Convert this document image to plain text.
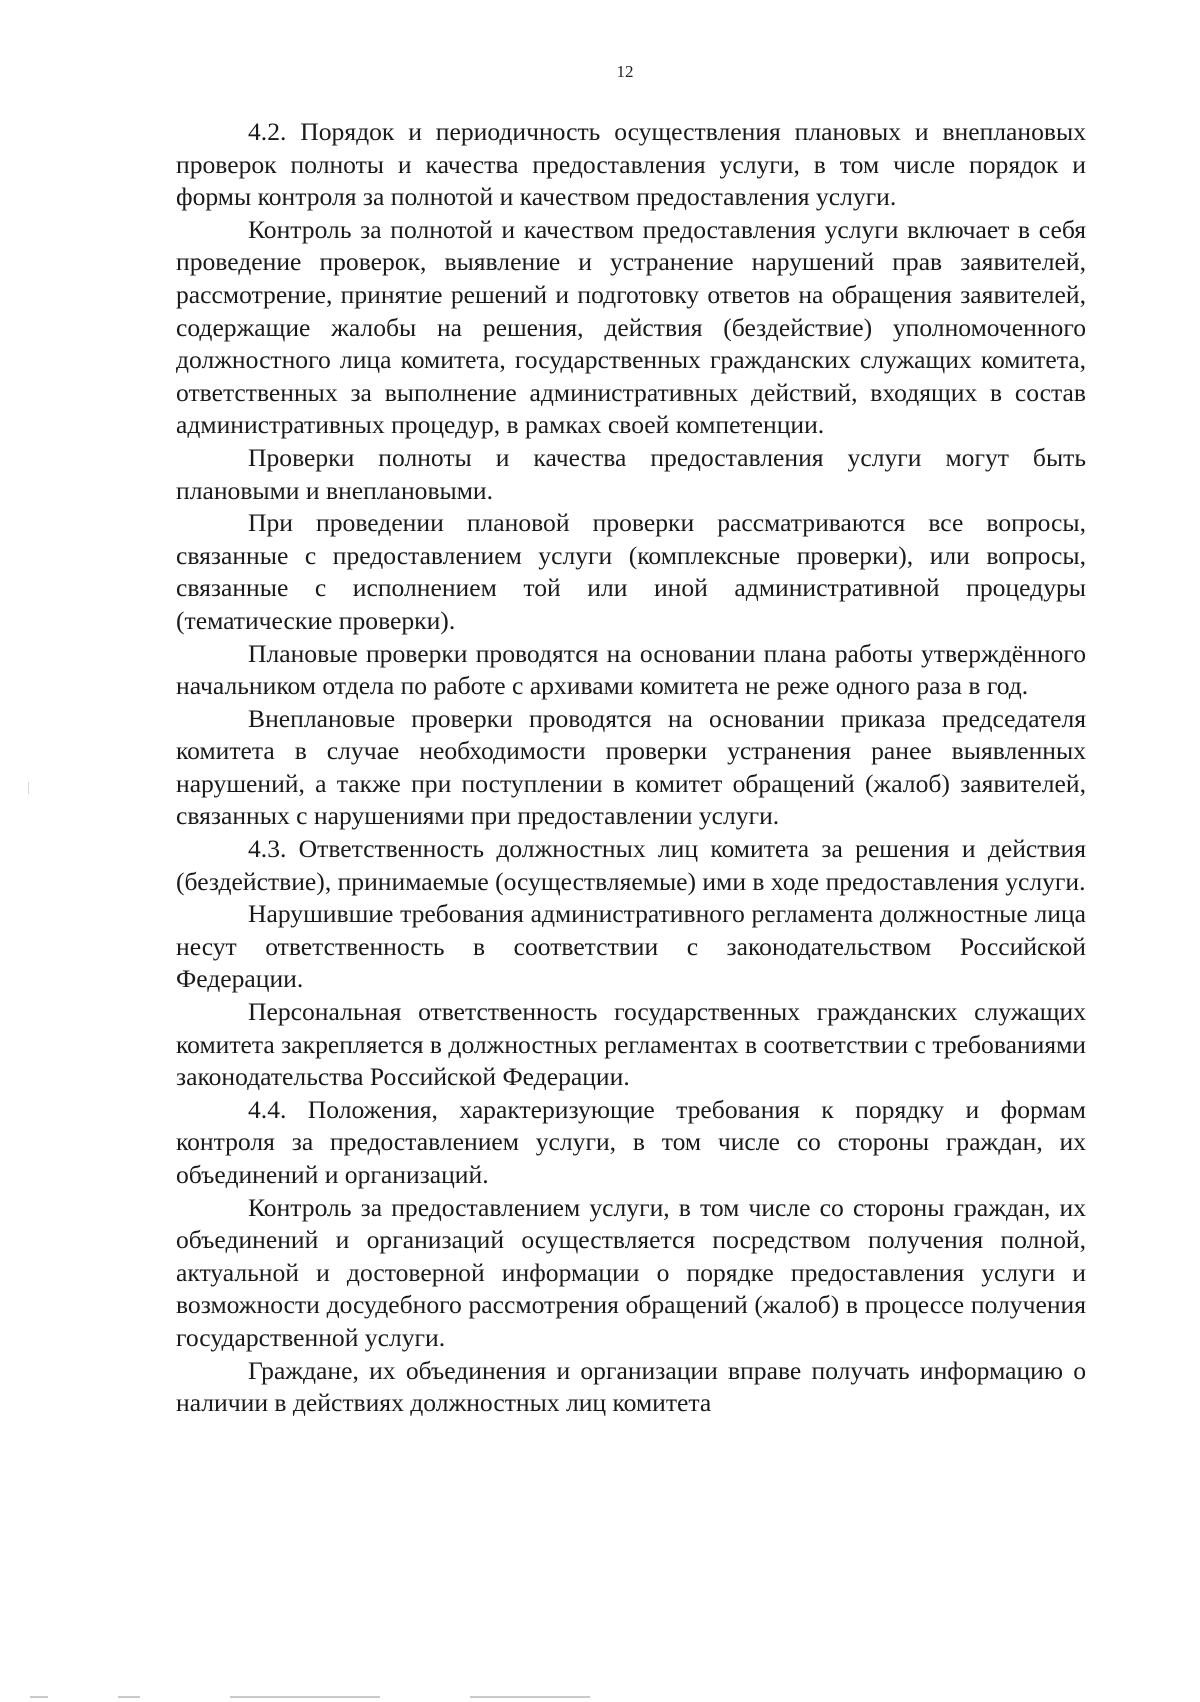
12

4.2. Порядок и периодичность осуществления плановых и внеплановых проверок полноты и качества предоставления услуги, в том числе порядок и формы контроля за полнотой и качеством предоставления услуги.

Контроль за полнотой и качеством предоставления услуги включает в себя проведение проверок, выявление и устранение нарушений прав заявителей, рассмотрение, принятие решений и подготовку ответов на обращения заявителей, содержащие жалобы на решения, действия (бездействие) уполномоченного должностного лица комитета, государственных гражданских служащих комитета, ответственных за выполнение административных действий, входящих в состав административных процедур, в рамках своей компетенции.

Проверки полноты и качества предоставления услуги могут быть плановыми и внеплановыми.

При проведении плановой проверки рассматриваются все вопросы, связанные с предоставлением услуги (комплексные проверки), или вопросы, связанные с исполнением той или иной административной процедуры (тематические проверки).

Плановые проверки проводятся на основании плана работы утверждённого начальником отдела по работе с архивами комитета не реже одного раза в год.

Внеплановые проверки проводятся на основании приказа председателя комитета в случае необходимости проверки устранения ранее выявленных нарушений, а также при поступлении в комитет обращений (жалоб) заявителей, связанных с нарушениями при предоставлении услуги.

4.3. Ответственность должностных лиц комитета за решения и действия (бездействие), принимаемые (осуществляемые) ими в ходе предоставления услуги.

Нарушившие требования административного регламента должностные лица несут ответственность в соответствии с законодательством Российской Федерации.

Персональная ответственность государственных гражданских служащих комитета закрепляется в должностных регламентах в соответствии с требованиями законодательства Российской Федерации.

4.4. Положения, характеризующие требования к порядку и формам контроля за предоставлением услуги, в том числе со стороны граждан, их объединений и организаций.

Контроль за предоставлением услуги, в том числе со стороны граждан, их объединений и организаций осуществляется посредством получения полной, актуальной и достоверной информации о порядке предоставления услуги и возможности досудебного рассмотрения обращений (жалоб) в процессе получения государственной услуги.

Граждане, их объединения и организации вправе получать информацию о наличии в действиях должностных лиц комитета
